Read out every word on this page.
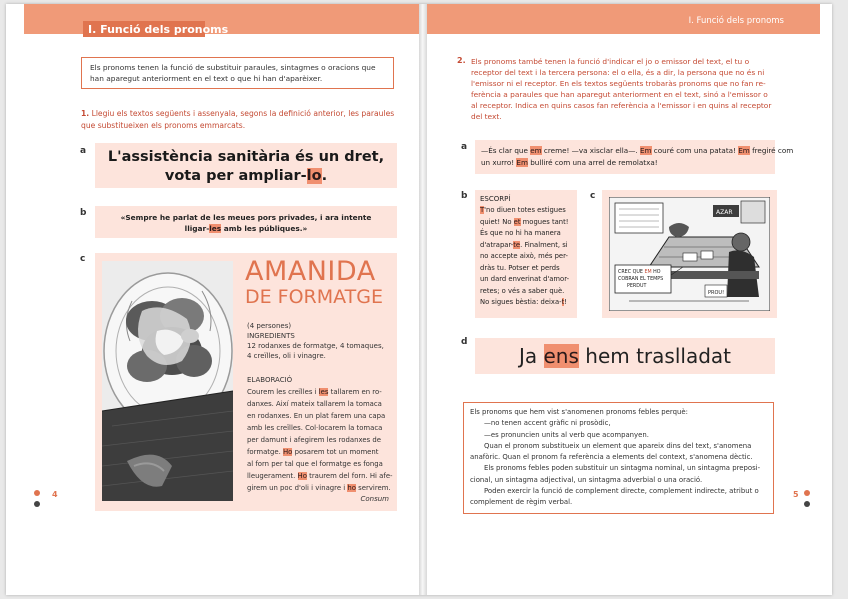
I. Funció dels pronoms
Els pronoms tenen la funció de substituir paraules, sintagmes o oracions que han aparegut anteriorment en el text o que hi han d'aparèixer.
1. Llegiu els textos següents i assenyala, segons la definició anterior, les paraules que substitueixen els pronoms emmarcats.
a	L'assistència sanitària és un dret,
vota per ampliar-lo.
b	«Sempre he parlat de les meues pors privades, i ara intente
lligar-les amb les públiques.»
c	AMANIDA
DE FORMATGE
(4 persones)
INGREDIENTS
12 rodanxes de formatge, 4 tomaques,
4 creïlles, oli i vinagre.
ELABORACIÓ
Courem les creïlles i les tallarem en ro-
danxes. Així mateix tallarem la tomaca
en rodanxes. En un plat farem una capa
amb les creïlles. Col·locarem la tomaca
per damunt i afegirem les rodanxes de
formatge. Ho posarem tot un moment
al forn per tal que el formatge es fonga
lleugerament. Ho traurem del forn. Hi afe-
girem un poc d'oli i vinagre i ho servirem.
Consum
4
I. Funció dels pronoms
2. Els pronoms també tenen la funció d'indicar el jo o emissor del text, el tu o
receptor del text i la tercera persona: el o ella, és a dir, la persona que no és ni
l'emissor ni el receptor. En els textos següents trobaràs pronoms que no fan re-
ferència a paraules que han aparegut anteriorment en el text, sinó a l'emissor o
al receptor. Indica en quins casos fan referència a l'emissor i en quins al receptor
del text.
a —És clar que em creme! —va xisclar ella—. Em couré com una patata! Em fregiré com
un xurro! Em bulliré com una arrel de remolatxa!
b ESCORPÍ
T'no diuen totes estigues
quiet! No et mogues tant!
És que no hi ha manera
d'atrapar-te. Finalment, si
no accepte això, més per-
dràs tu. Potser et perds
un dard enverinat d'amor-
retes; o vés a saber què.
No sigues bèstia: deixa-t!
c
AZAR
CREC QUE EM HO
COBRAN EL TEMPS
PERDUT
PROU!
d
Ja ens hem traslladat
Els pronoms que hem vist s'anomenen pronoms febles perquè:
—no tenen accent gràfic ni prosòdic,
—es pronuncien units al verb que acompanyen.
Quan el pronom substitueix un element que apareix dins del text, s'anomena
anafòric. Quan el pronom fa referència a elements del context, s'anomena dèctic.
Els pronoms febles poden substituir un sintagma nominal, un sintagma preposi-
cional, un sintagma adjectival, un sintagma adverbial o una oració.
Poden exercir la funció de complement directe, complement indirecte, atribut o
complement de règim verbal.
5
